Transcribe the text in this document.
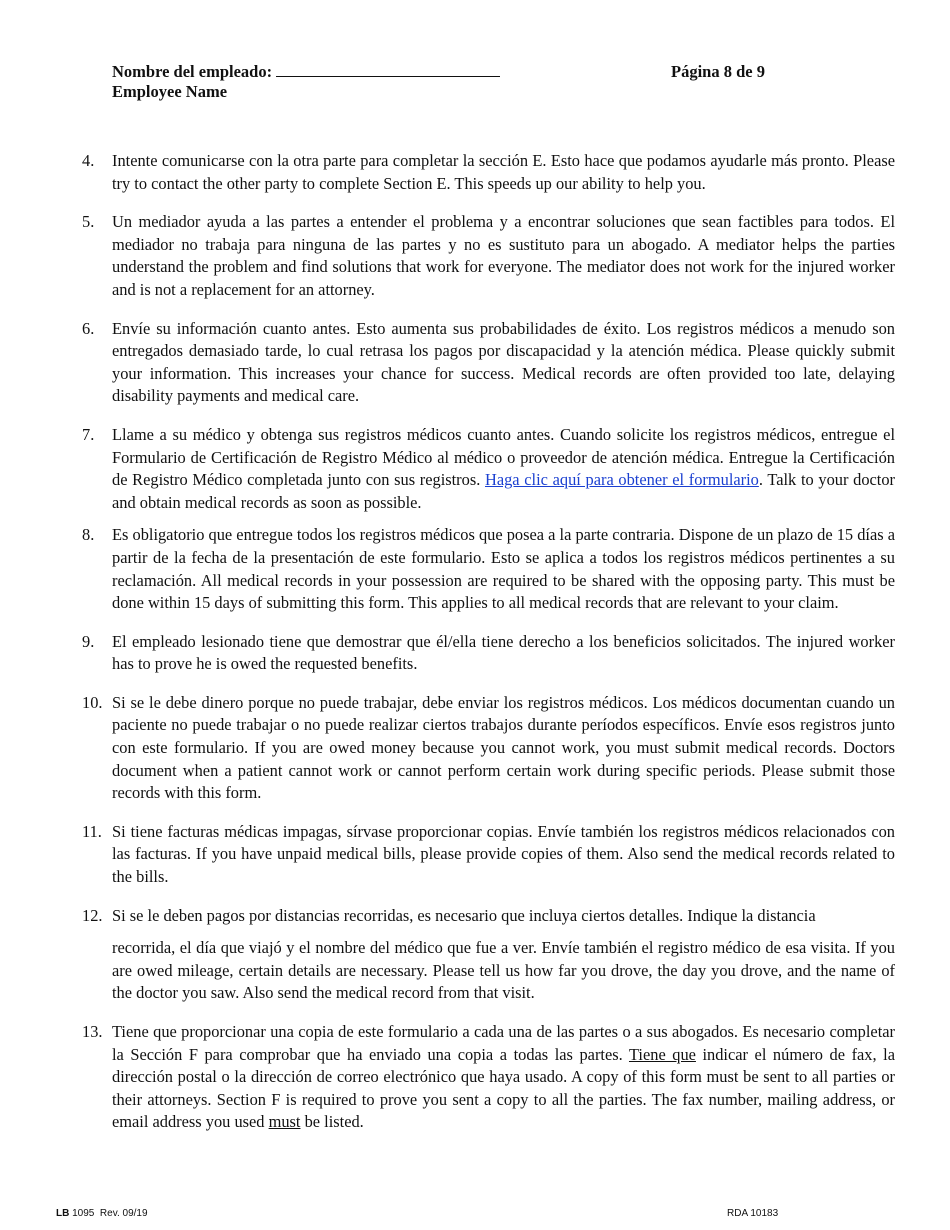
Nombre del empleado:	Página 8 de 9
Employee Name
4.	Intente comunicarse con la otra parte para completar la sección E. Esto hace que podamos ayudarle más pronto. Please try to contact the other party to complete Section E. This speeds up our ability to help you.
5.	Un mediador ayuda a las partes a entender el problema y a encontrar soluciones que sean factibles para todos. El mediador no trabaja para ninguna de las partes y no es sustituto para un abogado. A mediator helps the parties understand the problem and find solutions that work for everyone. The mediator does not work for the injured worker and is not a replacement for an attorney.
6.	Envíe su información cuanto antes. Esto aumenta sus probabilidades de éxito. Los registros médicos a menudo son entregados demasiado tarde, lo cual retrasa los pagos por discapacidad y la atención médica. Please quickly submit your information. This increases your chance for success. Medical records are often provided too late, delaying disability payments and medical care.
7.	Llame a su médico y obtenga sus registros médicos cuanto antes. Cuando solicite los registros médicos, entregue el Formulario de Certificación de Registro Médico al médico o proveedor de atención médica. Entregue la Certificación de Registro Médico completada junto con sus registros. Haga clic aquí para obtener el formulario. Talk to your doctor and obtain medical records as soon as possible.
8.	Es obligatorio que entregue todos los registros médicos que posea a la parte contraria. Dispone de un plazo de 15 días a partir de la fecha de la presentación de este formulario. Esto se aplica a todos los registros médicos pertinentes a su reclamación. All medical records in your possession are required to be shared with the opposing party. This must be done within 15 days of submitting this form. This applies to all medical records that are relevant to your claim.
9.	El empleado lesionado tiene que demostrar que él/ella tiene derecho a los beneficios solicitados. The injured worker has to prove he is owed the requested benefits.
10. Si se le debe dinero porque no puede trabajar, debe enviar los registros médicos. Los médicos documentan cuando un paciente no puede trabajar o no puede realizar ciertos trabajos durante períodos específicos. Envíe esos registros junto con este formulario. If you are owed money because you cannot work, you must submit medical records. Doctors document when a patient cannot work or cannot perform certain work during specific periods. Please submit those records with this form.
11. Si tiene facturas médicas impagas, sírvase proporcionar copias. Envíe también los registros médicos relacionados con las facturas. If you have unpaid medical bills, please provide copies of them. Also send the medical records related to the bills.
12. Si se le deben pagos por distancias recorridas, es necesario que incluya ciertos detalles. Indique la distancia
recorrida, el día que viajó y el nombre del médico que fue a ver. Envíe también el registro médico de esa visita. If you are owed mileage, certain details are necessary. Please tell us how far you drove, the day you drove, and the name of the doctor you saw. Also send the medical record from that visit.
13. Tiene que proporcionar una copia de este formulario a cada una de las partes o a sus abogados. Es necesario completar la Sección F para comprobar que ha enviado una copia a todas las partes. Tiene que indicar el número de fax, la dirección postal o la dirección de correo electrónico que haya usado. A copy of this form must be sent to all parties or their attorneys. Section F is required to prove you sent a copy to all the parties. The fax number, mailing address, or email address you used must be listed.
LB 1095  Rev. 09/19	RDA 10183
